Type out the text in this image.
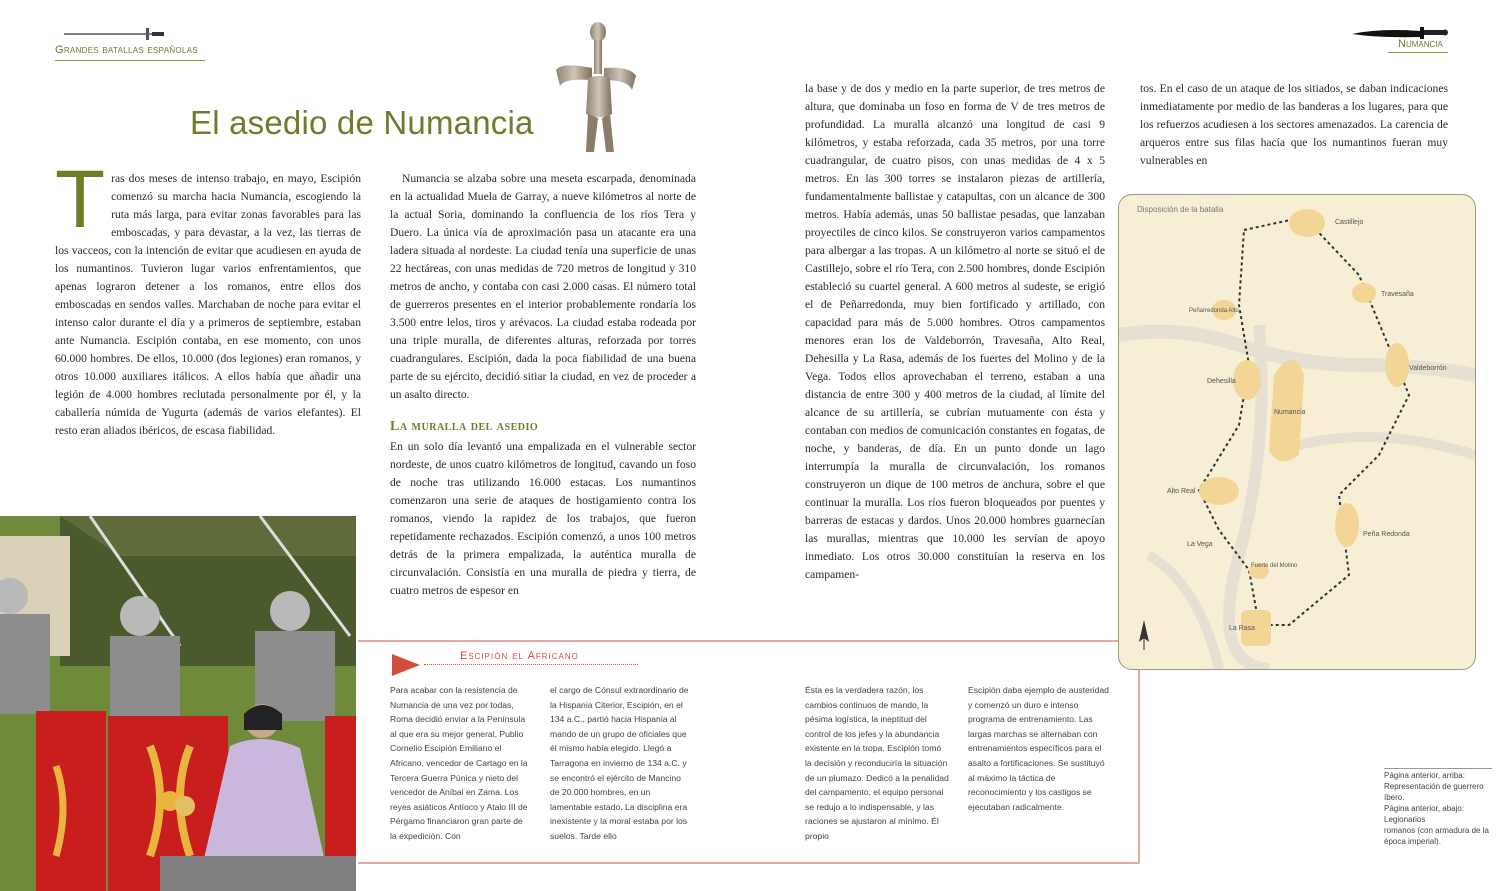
Grandes batallas españolas	Numancia
El asedio de Numancia
T ras dos meses de intenso trabajo, en mayo, Escipión comenzó su marcha hacia Numancia, escogiendo la ruta más larga, para evitar zonas favorables para las emboscadas, y para devastar, a la vez, las tierras de los vacceos, con la intención de evitar que acudiesen en ayuda de los numantinos. Tuvieron lugar varios enfrentamientos, que apenas lograron detener a los romanos, entre ellos dos emboscadas en sendos valles. Marchaban de noche para evitar el intenso calor durante el día y a primeros de septiembre, estaban ante Numancia. Escipión contaba, en ese momento, con unos 60.000 hombres. De ellos, 10.000 (dos legiones) eran romanos, y otros 10.000 auxiliares itálicos. A ellos había que añadir una legión de 4.000 hombres reclutada personalmente por él, y la caballería númida de Yugurta (además de varios elefantes). El resto eran aliados ibéricos, de escasa fiabilidad.

Numancia se alzaba sobre una meseta escarpada, denominada en la actualidad Muela de Garray, a nueve kilómetros al norte de la actual Soria, dominando la confluencia de los ríos Tera y Duero. La única vía de aproximación pasa un atacante era una ladera situada al nordeste. La ciudad tenía una superficie de unas 22 hectáreas, con unas medidas de 720 metros de longitud y 310 metros de ancho, y contaba con casi 2.000 casas. El número total de guerreros presentes en el interior probablemente rondaría los 3.500 entre lelos, tiros y arévacos. La ciudad estaba rodeada por una triple muralla, de diferentes alturas, reforzada por torres cuadrangulares. Escipión, dada la poca fiabilidad de una buena parte de su ejército, decidió sitiar la ciudad, en vez de proceder a un asalto directo.

La muralla del asedio

En un solo día levantó una empalizada en el vulnerable sector nordeste, de unos cuatro kilómetros de longitud, cavando un foso de noche tras utilizando 16.000 estacas. Los numantinos comenzaron una serie de ataques de hostigamiento contra los romanos, viendo la rapidez de los trabajos, que fueron repetidamente rechazados. Escipión comenzó, a unos 100 metros detrás de la primera empalizada, la auténtica muralla de circunvalación. Consistía en una muralla de piedra y tierra, de cuatro metros de espesor en

la base y de dos y medio en la parte superior, de tres metros de altura, que dominaba un foso en forma de V de tres metros de profundidad. La muralla alcanzó una longitud de casi 9 kilómetros, y estaba reforzada, cada 35 metros, por una torre cuadrangular, de cuatro pisos, con unas medidas de 4 x 5 metros. En las 300 torres se instalaron piezas de artillería, fundamentalmente ballistae y catapultas, con un alcance de 300 metros. Había además, unas 50 ballistae pesadas, que lanzaban proyectiles de cinco kilos. Se construyeron varios campamentos para albergar a las tropas. A un kilómetro al norte se situó el de Castillejo, sobre el río Tera, con 2.500 hombres, donde Escipión estableció su cuartel general. A 600 metros al sudeste, se erigió el de Peñarredonda, muy bien fortificado y artillado, con capacidad para más de 5.000 hombres. Otros campamentos menores eran los de Valdeborrón, Travesaña, Alto Real, Dehesilla y La Rasa, además de los fuertes del Molino y de la Vega. Todos ellos aprovechaban el terreno, estaban a una distancia de entre 300 y 400 metros de la ciudad, al límite del alcance de su artillería, se cubrían mutuamente con ésta y contaban con medios de comunicación constantes en fogatas, de noche, y banderas, de día. En un punto donde un lago interrumpía la muralla de circunvalación, los romanos construyeron un dique de 100 metros de anchura, sobre el que continuar la muralla. Los ríos fueron bloqueados por puentes y barreras de estacas y dardos. Unos 20.000 hombres guarnecían las murallas, mientras que 10.000 les servían de apoyo inmediato. Los otros 30.000 constituían la reserva en los campamen-

tos. En el caso de un ataque de los sitiados, se daban indicaciones inmediatamente por medio de las banderas a los lugares, para que los refuerzos acudiesen a los sectores amenazados. La carencia de arqueros entre sus filas hacía que los numantinos fueran muy vulnerables en

Escipión el Africano
Para acabar con la resistencia de Numancia de una vez por todas, Roma decidió enviar a la Península al que era su mejor general, Publio Cornelio Escipión Emiliano el Africano, vencedor de Cartago en la Tercera Guerra Púnica y nieto del vencedor de Aníbal en Zama. Los reyes asiáticos Antíoco y Atalo III de Pérgamo financiaron gran parte de la expedición. Con
el cargo de Cónsul extraordinario de la Hispania Citerior, Escipión, en el 134 a.C., partió hacia Hispania al mando de un grupo de oficiales que él mismo había elegido. Llegó a Tarragona en invierno de 134 a.C. y se encontró el ejército de Mancino de 20.000 hombres, en un lamentable estado. La disciplina era inexistente y la moral estaba por los suelos. Tarde ello
Ésta es la verdadera razón, los cambios continuos de mando, la pésima logística, la ineptitud del control de los jefes y la abundancia existente en la tropa. Escipión tomó la decisión y reconduciría la situación de un plumazo. Dedicó a la penalidad del campamento, el equipo personal se redujo a lo indispensable, y las raciones se ajustaron al mínimo. Él propio
Escipión daba ejemplo de austeridad y comenzó un duro e intenso programa de entrenamiento. Las largas marchas se alternaban con entrenamientos específicos para el asalto a fortificaciones. Se sustituyó al máximo la táctica de reconocimiento y los castigos se ejecutaban radicalmente.
Disposición de la batalla
Castillejo
Travesaña
Peñarredonda Alto
Valdeborrón
Dehesilla
Numancia
Alto Real
La Vega
Peña Redonda
Fuerte del Molino
La Rasa
Página anterior, arriba:
Representación de guerrero
íbero.
Página anterior, abajo: Legionarios
romanos (con armadura de la
época imperial).
